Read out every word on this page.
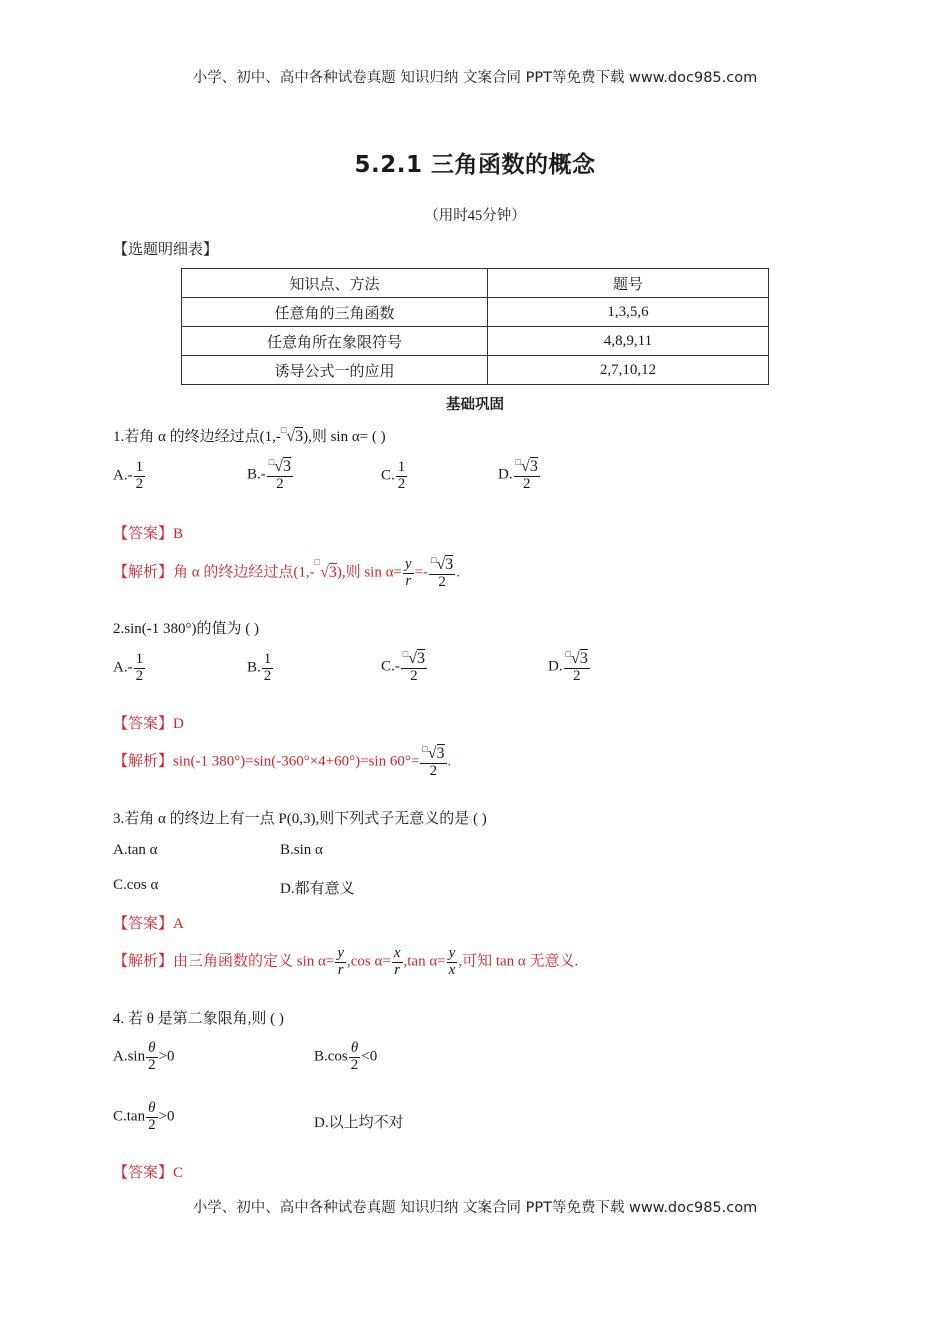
小学、初中、高中各种试卷真题 知识归纳 文案合同 PPT等免费下载 www.doc985.com
5.2.1 三角函数的概念
（用时45分钟）
【选题明细表】
知识点、方法	题号
任意角的三角函数	1,3,5,6
任意角所在象限符号	4,8,9,11
诱导公式一的应用	2,7,10,12
基础巩固
1.若角 α 的终边经过点(1,-□√3),则 sin α= ( )
$A.- \frac{1}{2}$	$B.- \frac{^□√3}{2}$	C. $\frac{1}{2}$	D. $\frac{^□√3}{2}$
【答案】B
【解析】角 α 的终边经过点(1,-□√3),则 $\sin \alpha= \frac{y}{r} =- \frac{^□√3}{2}$ .
2.sin(-1 380°)的值为 ( )
$A.- \frac{1}{2}$	B. $\frac{1}{2}$	$C.- \frac{^□√3}{2}$	D. $\frac{^□√3}{2}$
【答案】D
【解析】sin(-1 380°)=sin(-360°×4+60°)=sin $60^\circ= \frac{^□√3}{2}$ .
3.若角 α 的终边上有一点 P(0,3),则下列式子无意义的是 ( )
A.tan α	B.sin α
C.cos α	D.都有意义
【答案】A
【解析】由三角函数的定义 $\sin \alpha= \frac{y}{r} ,\cos$ $\alpha= \frac{x}{r} ,\tan$ $\alpha= \frac{y}{x}$ ,可知 tan α 无意义.
4. 若 θ 是第二象限角,则 ( )
$A.\sin \frac{\theta}{2} >0$	$B.\cos \frac{\theta}{2} <0$
$C.\tan \frac{\theta}{2} >0$	D.以上均不对
【答案】C
小学、初中、高中各种试卷真题 知识归纳 文案合同 PPT等免费下载 www.doc985.com
